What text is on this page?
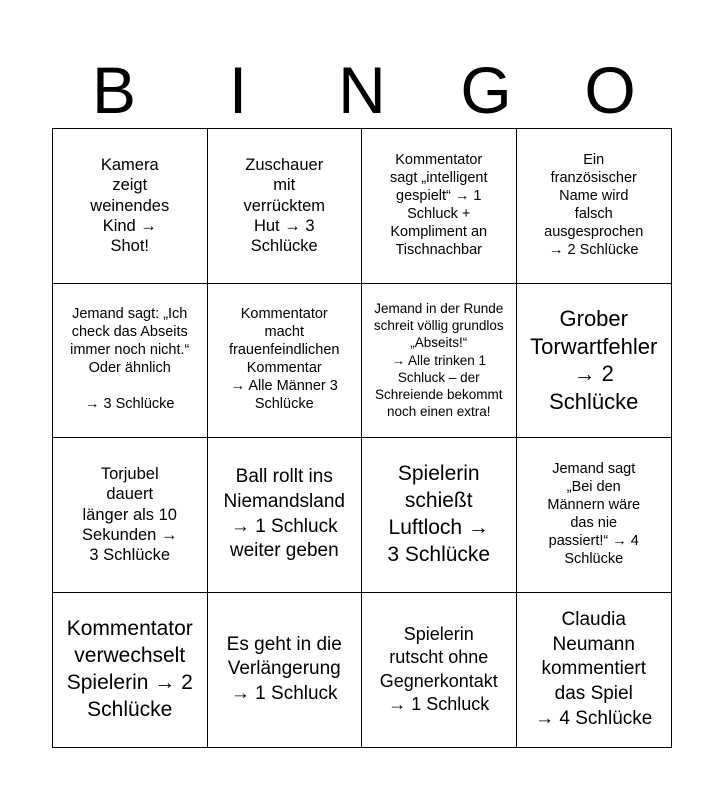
B	I	N	G	O
Kamera
zeigt
weinendes
Kind →
Shot!
Zuschauer
mit
verrücktem
Hut → 3
Schlücke
Kommentator
sagt „intelligent
gespielt“ → 1
Schluck +
Kompliment an
Tischnachbar
Ein
französischer
Name wird
falsch
ausgesprochen
→ 2 Schlücke
Jemand sagt: „Ich
check das Abseits
immer noch nicht.“
Oder ähnlich

→ 3 Schlücke
Kommentator
macht
frauenfeindlichen
Kommentar
→ Alle Männer 3
Schlücke
Jemand in der Runde
schreit völlig grundlos
„Abseits!“
→ Alle trinken 1
Schluck – der
Schreiende bekommt
noch einen extra!
Grober
Torwartfehler
→ 2
Schlücke
Torjubel
dauert
länger als 10
Sekunden →
3 Schlücke
Ball rollt ins
Niemandsland
→ 1 Schluck
weiter geben
Spielerin
schießt
Luftloch →
3 Schlücke
Jemand sagt
„Bei den
Männern wäre
das nie
passiert!“ → 4
Schlücke
Kommentator
verwechselt
Spielerin → 2
Schlücke
Es geht in die
Verlängerung
→ 1 Schluck
Spielerin
rutscht ohne
Gegnerkontakt
→ 1 Schluck
Claudia
Neumann
kommentiert
das Spiel
→ 4 Schlücke
